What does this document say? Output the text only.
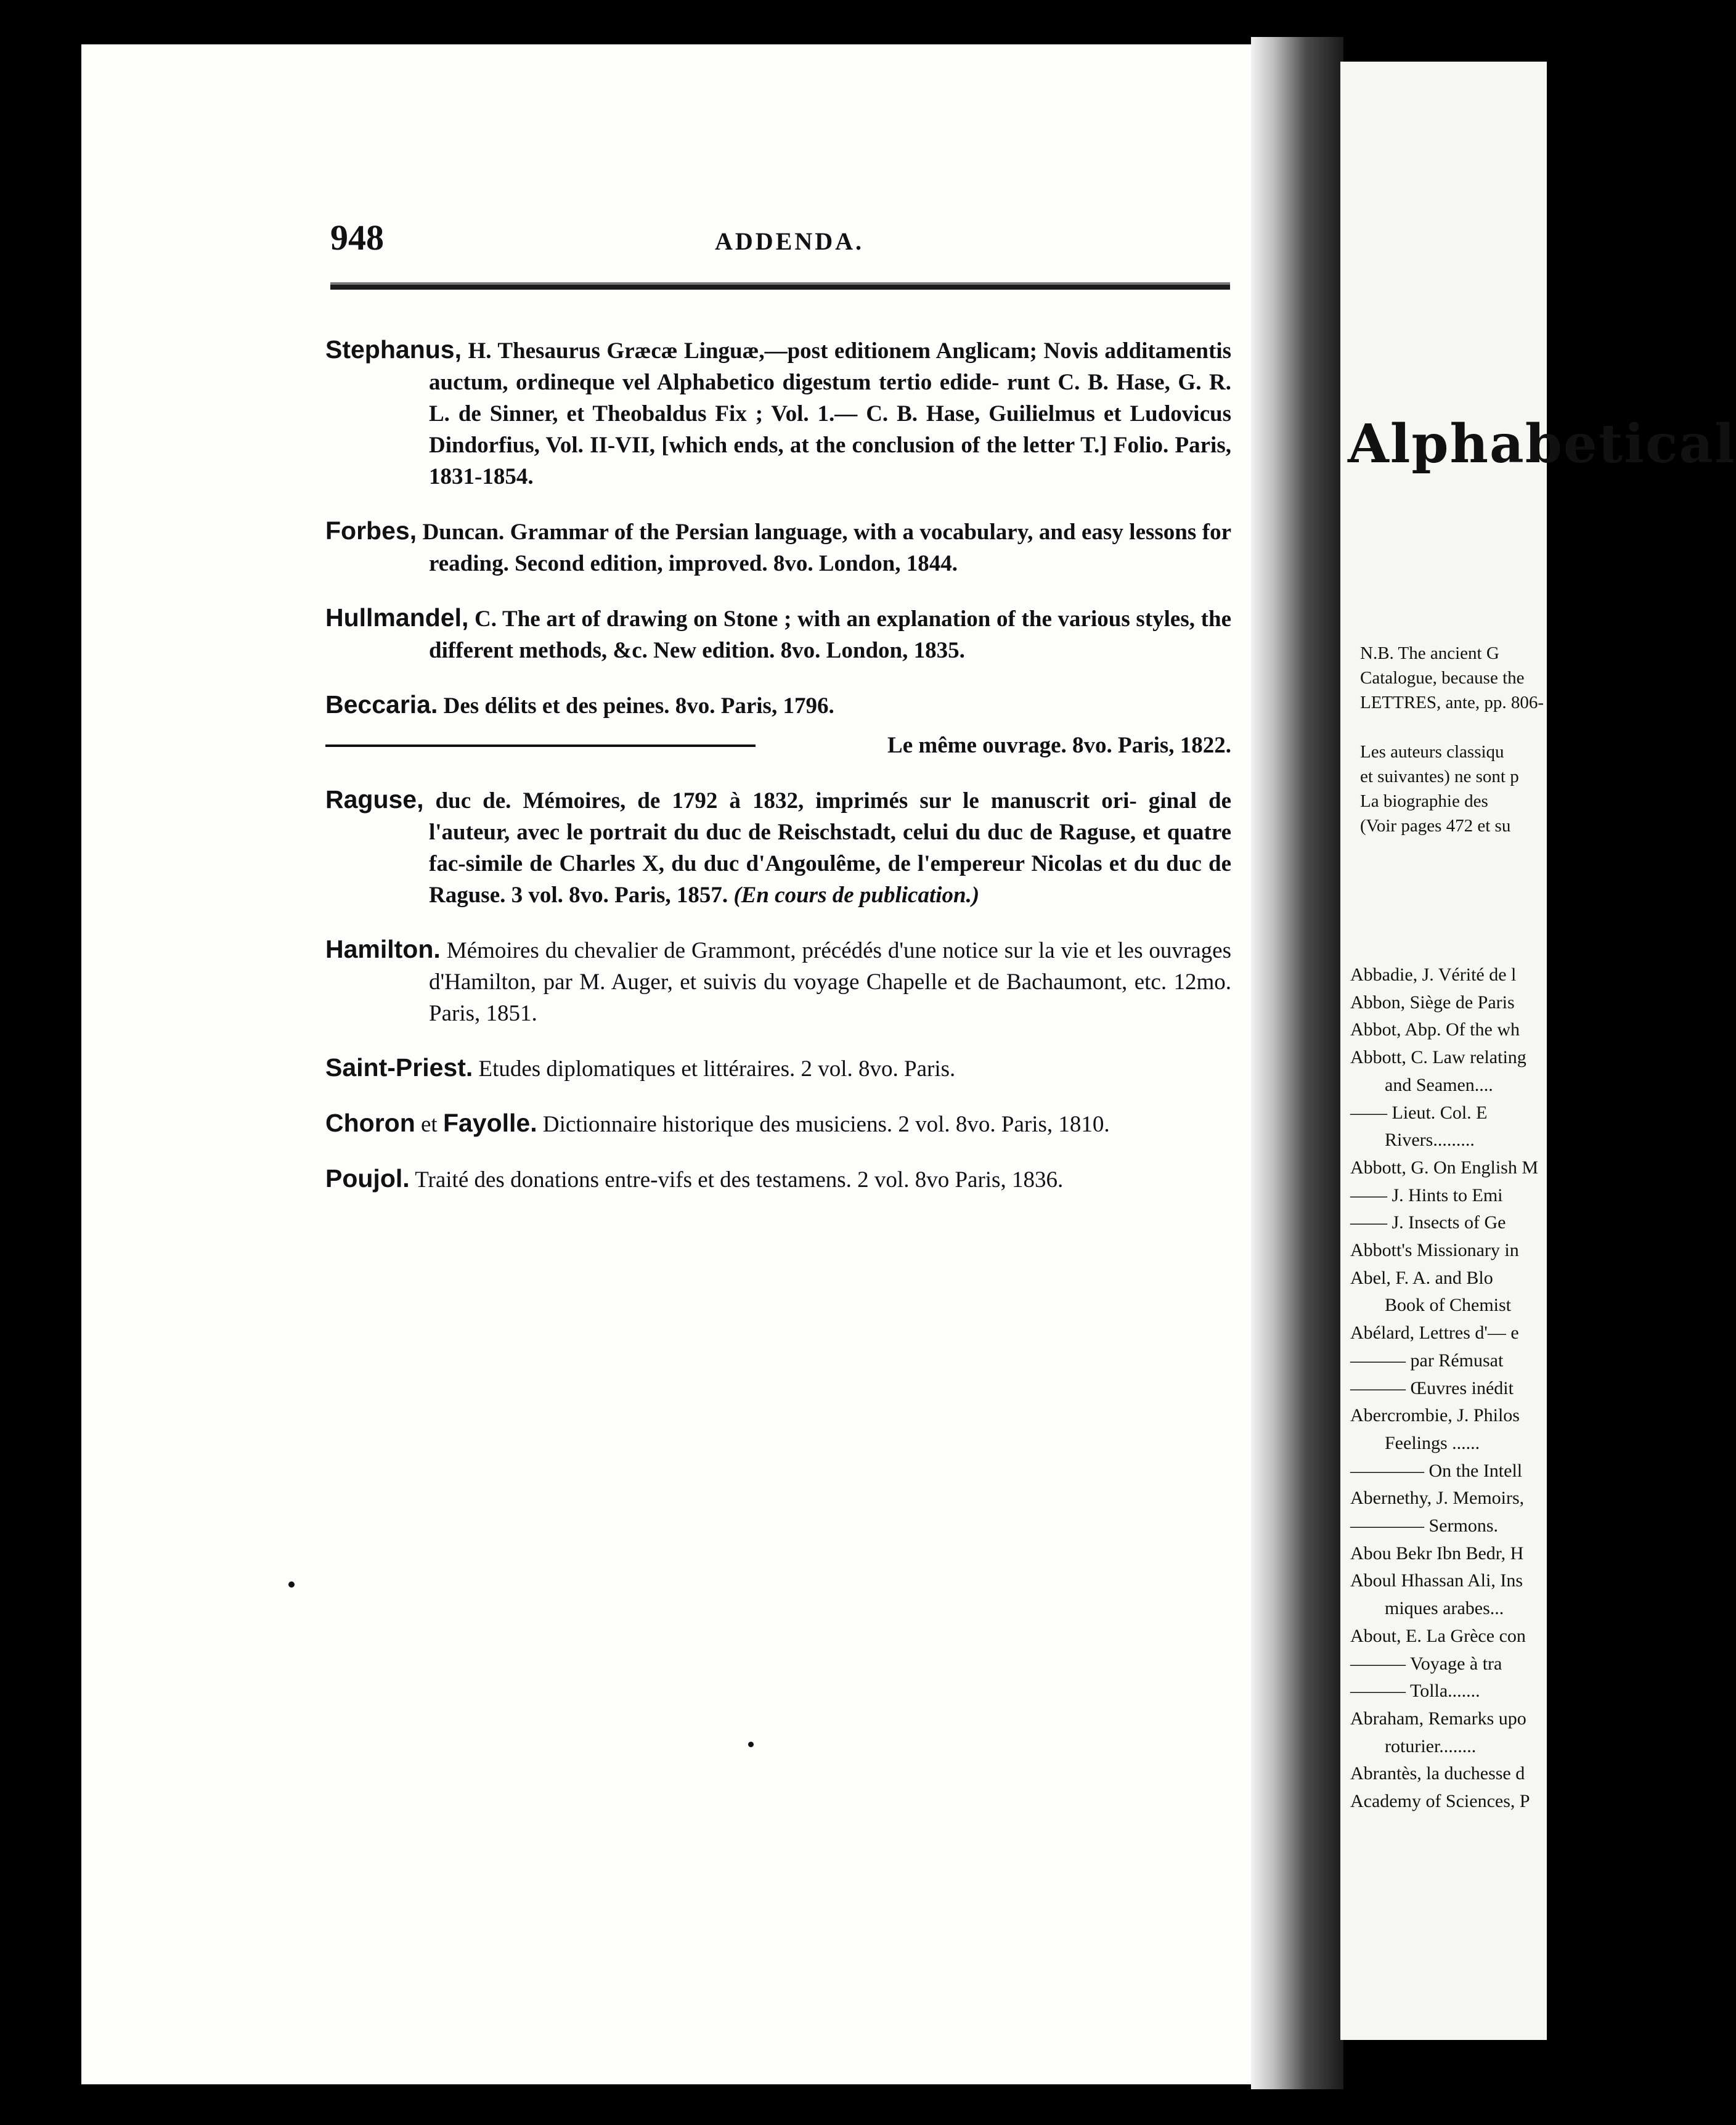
Alphabetical
N.B. The ancient G
Catalogue, because the
LETTRES, ante, pp. 806-

Les auteurs classiqu
et suivantes) ne sont p
La biographie des
(Voir pages 472 et su
Abbadie, J. Vérité de l
Abbon, Siège de Paris
Abbot, Abp. Of the wh
Abbott, C. Law relating
and Seamen....
—— Lieut. Col. E
Rivers.........
Abbott, G. On English M
—— J. Hints to Emi
—— J. Insects of Ge
Abbott's Missionary in
Abel, F. A. and Blo
Book of Chemist
Abélard, Lettres d'— e
——— par Rémusat
——— Œuvres inédit
Abercrombie, J. Philos
Feelings ......
———— On the Intell
Abernethy, J. Memoirs,
———— Sermons.
Abou Bekr Ibn Bedr, H
Aboul Hhassan Ali, Ins
miques arabes...
About, E. La Grèce con
——— Voyage à tra
——— Tolla.......
Abraham, Remarks upo
roturier........
Abrantès, la duchesse d
Academy of Sciences, P
948	ADDENDA.

Stephanus, H. Thesaurus Græcæ Linguæ,—post editionem Anglicam; Novis additamentis auctum, ordineque vel Alphabetico digestum tertio edide- runt C. B. Hase, G. R. L. de Sinner, et Theobaldus Fix ; Vol. 1.— C. B. Hase, Guilielmus et Ludovicus Dindorfius, Vol. II-VII, [which ends, at the conclusion of the letter T.] Folio. Paris, 1831-1854.

Forbes, Duncan. Grammar of the Persian language, with a vocabulary, and easy lessons for reading. Second edition, improved. 8vo. London, 1844.

Hullmandel, C. The art of drawing on Stone ; with an explanation of the various styles, the different methods, &c. New edition. 8vo. London, 1835.

Beccaria. Des délits et des peines. 8vo. Paris, 1796.

Le même ouvrage. 8vo. Paris, 1822.

Raguse, duc de. Mémoires, de 1792 à 1832, imprimés sur le manuscrit ori- ginal de l'auteur, avec le portrait du duc de Reischstadt, celui du duc de Raguse, et quatre fac-simile de Charles X, du duc d'Angoulême, de l'empereur Nicolas et du duc de Raguse. 3 vol. 8vo. Paris, 1857. (En cours de publication.)

Hamilton. Mémoires du chevalier de Grammont, précédés d'une notice sur la vie et les ouvrages d'Hamilton, par M. Auger, et suivis du voyage Chapelle et de Bachaumont, etc. 12mo. Paris, 1851.

Saint-Priest. Etudes diplomatiques et littéraires. 2 vol. 8vo. Paris.

Choron et Fayolle. Dictionnaire historique des musiciens. 2 vol. 8vo. Paris, 1810.

Poujol. Traité des donations entre-vifs et des testamens. 2 vol. 8vo Paris, 1836.
